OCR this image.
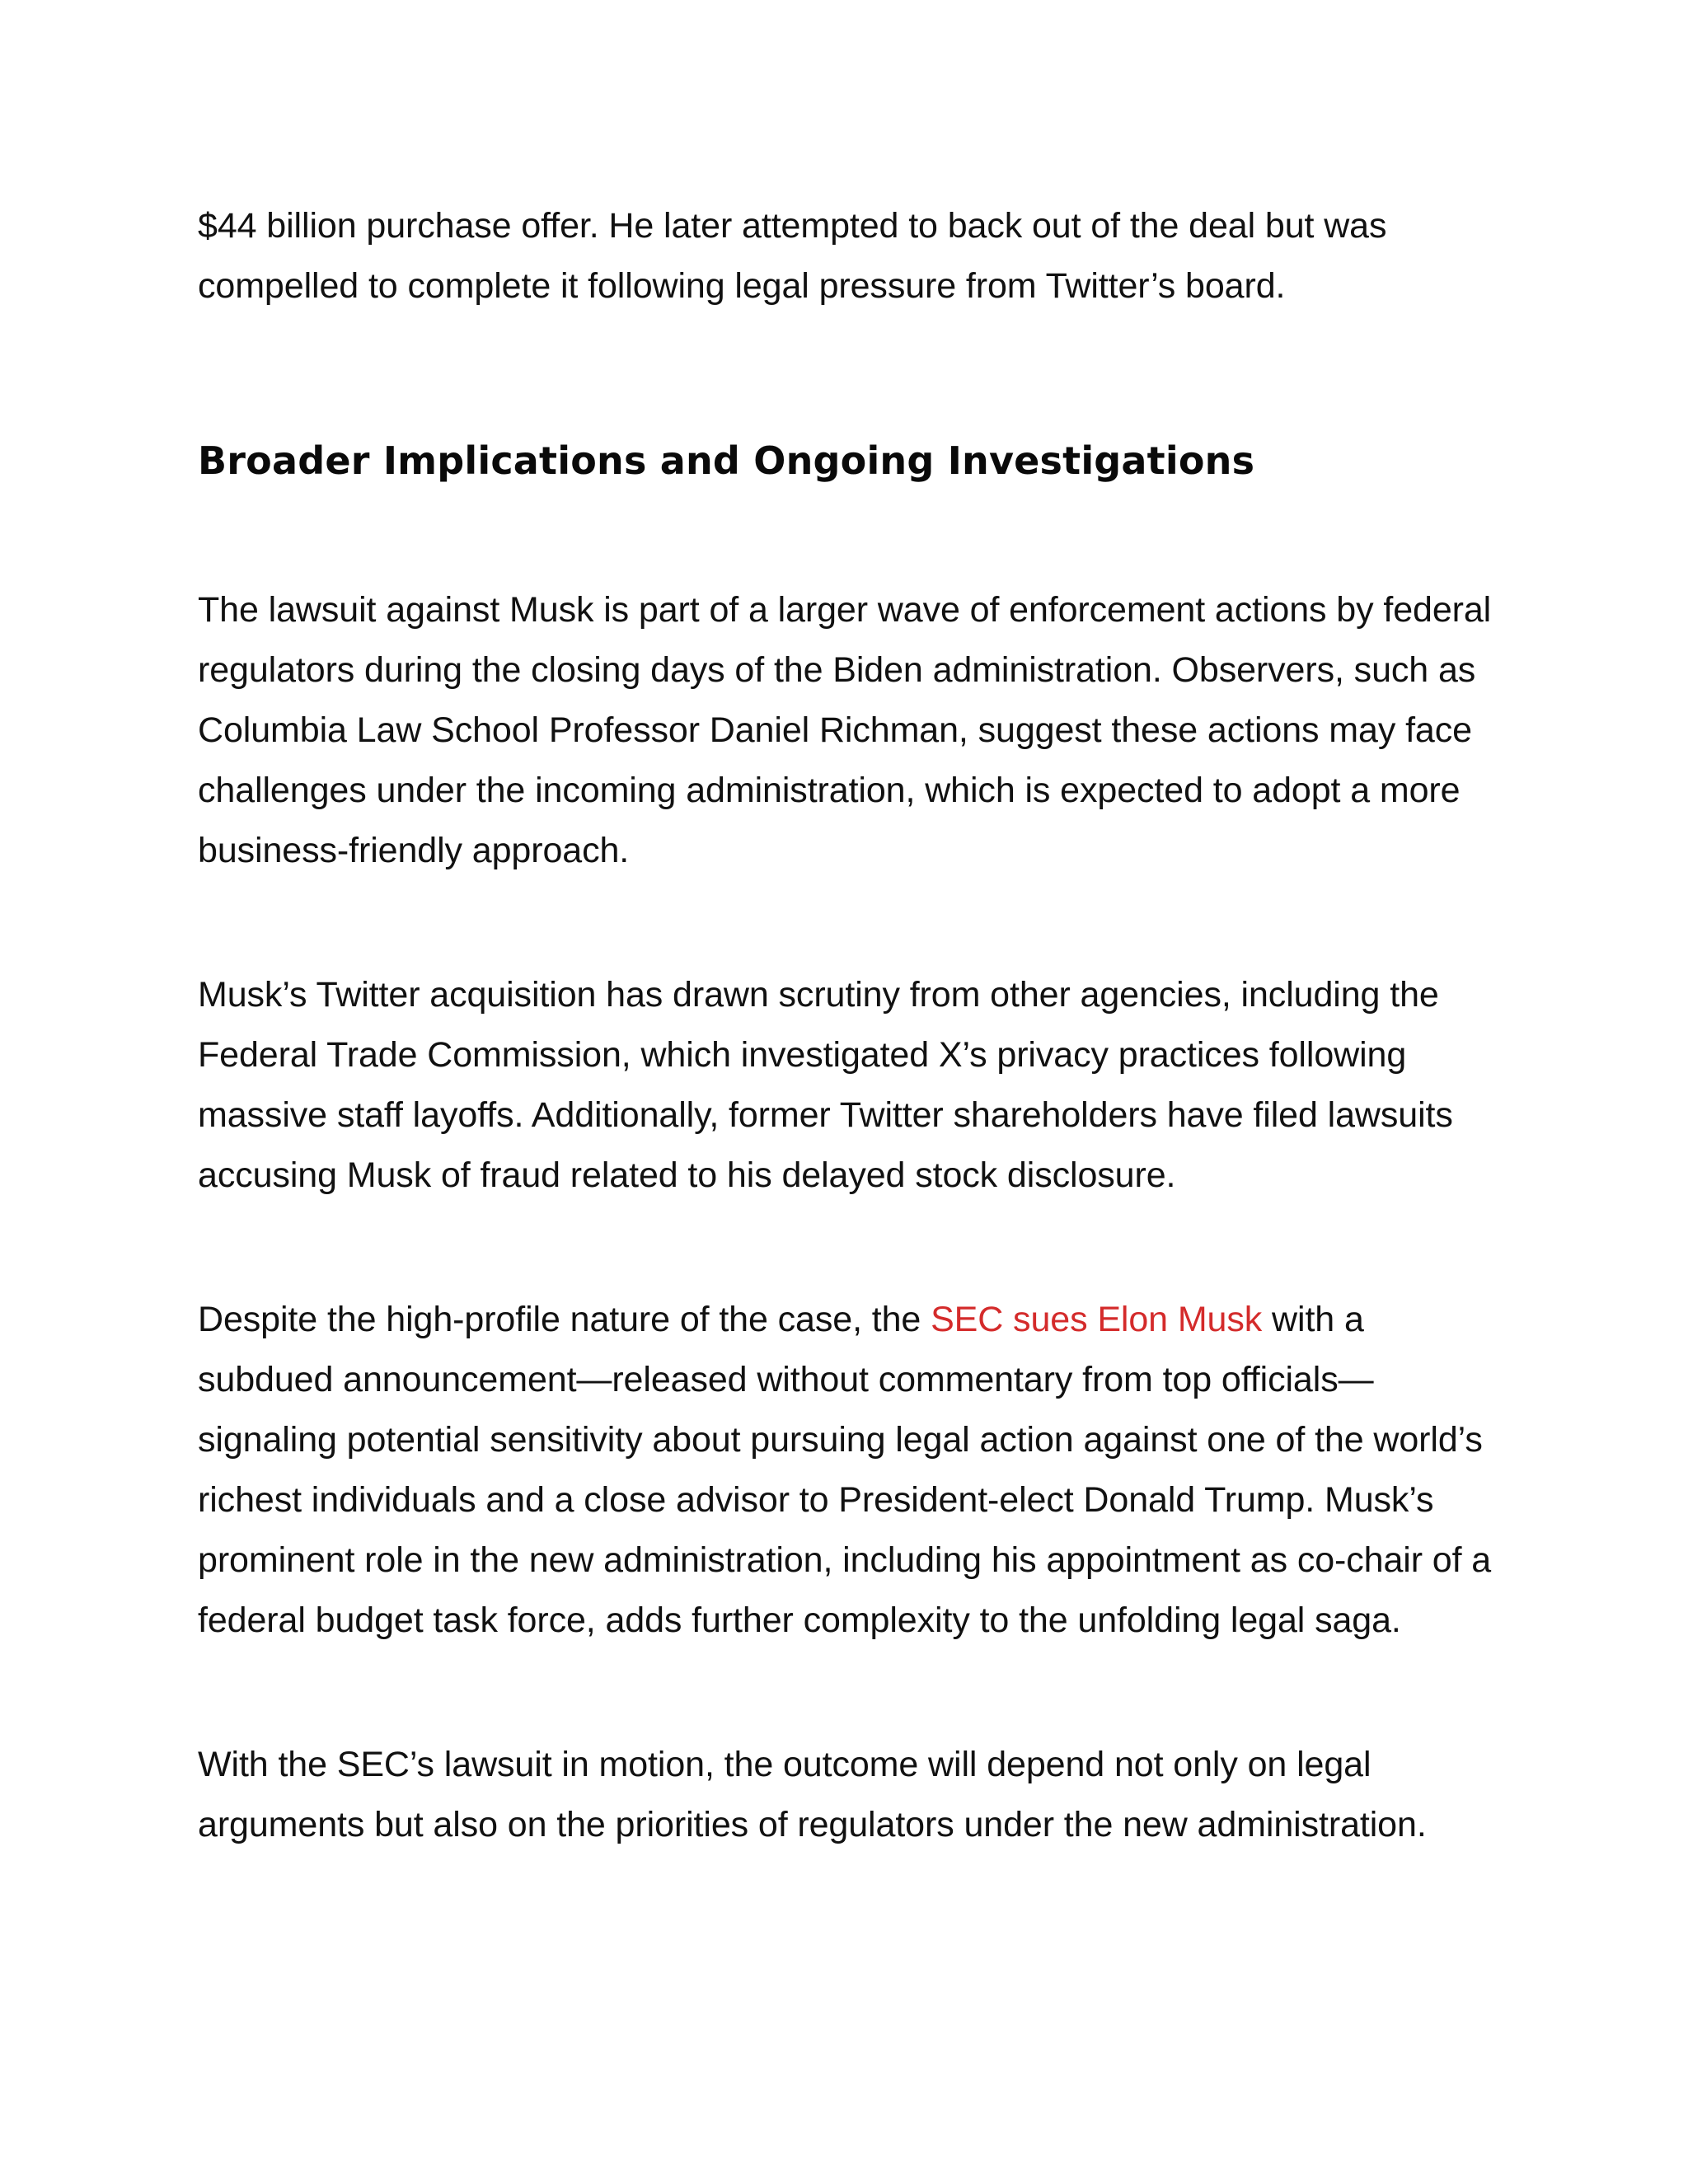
$44 billion purchase offer. He later attempted to back out of the deal but was compelled to complete it following legal pressure from Twitter’s board.

Broader Implications and Ongoing Investigations

The lawsuit against Musk is part of a larger wave of enforcement actions by federal regulators during the closing days of the Biden administration. Observers, such as Columbia Law School Professor Daniel Richman, suggest these actions may face challenges under the incoming administration, which is expected to adopt a more business-friendly approach.

Musk’s Twitter acquisition has drawn scrutiny from other agencies, including the Federal Trade Commission, which investigated X’s privacy practices following massive staff layoffs. Additionally, former Twitter shareholders have filed lawsuits accusing Musk of fraud related to his delayed stock disclosure.

Despite the high-profile nature of the case, the SEC sues Elon Musk with a subdued announcement—released without commentary from top officials—signaling potential sensitivity about pursuing legal action against one of the world’s richest individuals and a close advisor to President-elect Donald Trump. Musk’s prominent role in the new administration, including his appointment as co-chair of a federal budget task force, adds further complexity to the unfolding legal saga.

With the SEC’s lawsuit in motion, the outcome will depend not only on legal arguments but also on the priorities of regulators under the new administration.
